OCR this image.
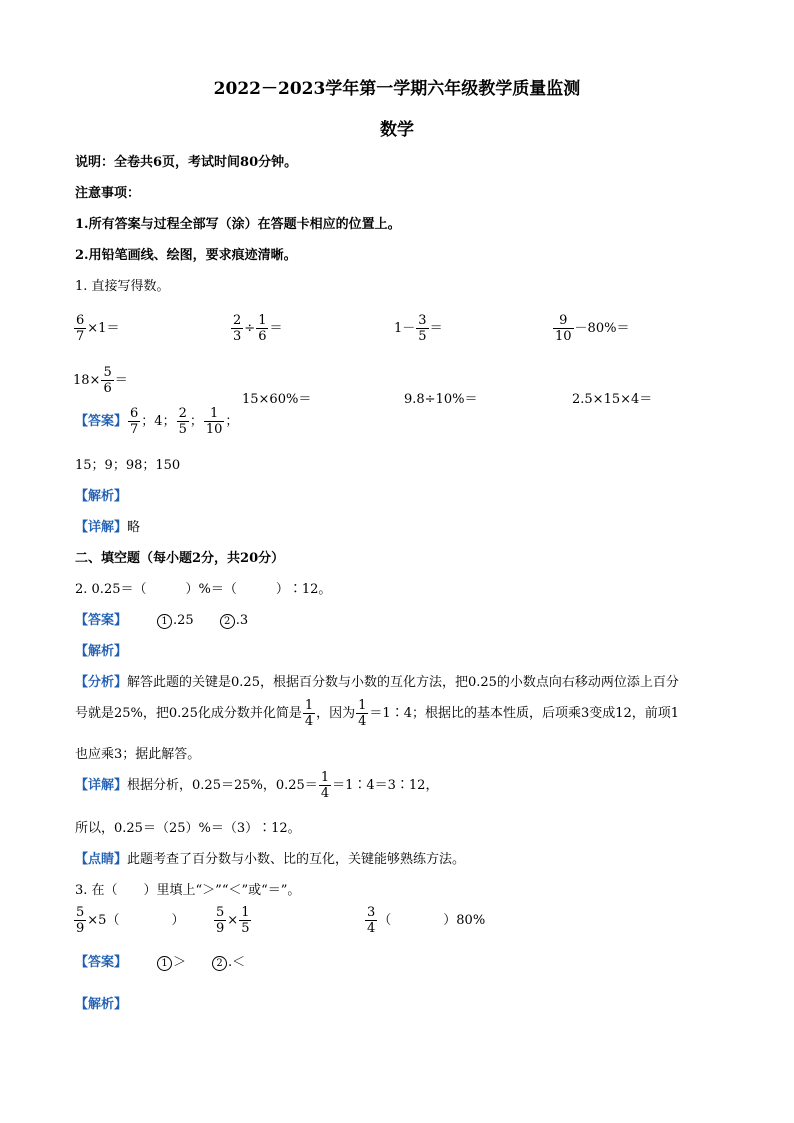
2022－2023学年第一学期六年级教学质量监测
数学
说明：全卷共6页，考试时间80分钟。
注意事项：
1.所有答案与过程全部写（涂）在答题卡相应的位置上。
2.用铅笔画线、绘图，要求痕迹清晰。
1. 直接写得数。
$\frac{6}{7} \times 1=$	$\frac{2}{3} \div \frac{1}{6}$ ＝	$1- \frac{3}{5}$ ＝	$\frac{9}{10} -80\%=$
$18\times \frac{5}{6}$ ＝
15×60%＝	9.8÷10%＝	2.5×15×4＝
【答案】 $\frac{6}{7}$ ；4； $\frac{2}{5}$ ； $\frac{1}{10}$ ；
15；9；98；150
【解析】
【详解】略
二、填空题（每小题2分，共20分）
2. 0.25＝（　　　）%＝（　　　）∶12。
【答案】	1 .25	2 .3
【解析】
【分析】解答此题的关键是0.25，根据百分数与小数的互化方法，把0.25的小数点向右移动两位添上百分
号就是25%，把0.25化成分数并化简是 $\frac{1}{4}$ ，因为 $\frac{1}{4}$ ＝1∶4；根据比的基本性质，后项乘3变成12，前项1
也应乘3；据此解答。
【详解】根据分析，0.25＝25%，$0.25= \frac{1}{4}$ ＝1∶4＝3∶12，
所以，0.25＝（25）%＝（3）∶12。
【点睛】此题考查了百分数与小数、比的互化，关键能够熟练方法。
3. 在（　　）里填上“＞”“＜”或“＝”。
$\frac{5}{9} \times 5$（　　　　） $\frac{5}{9} \times \frac{1}{5}$	$\frac{3}{4}$ （　　　　）80%
【答案】	1 ＞	2 .＜
【解析】
